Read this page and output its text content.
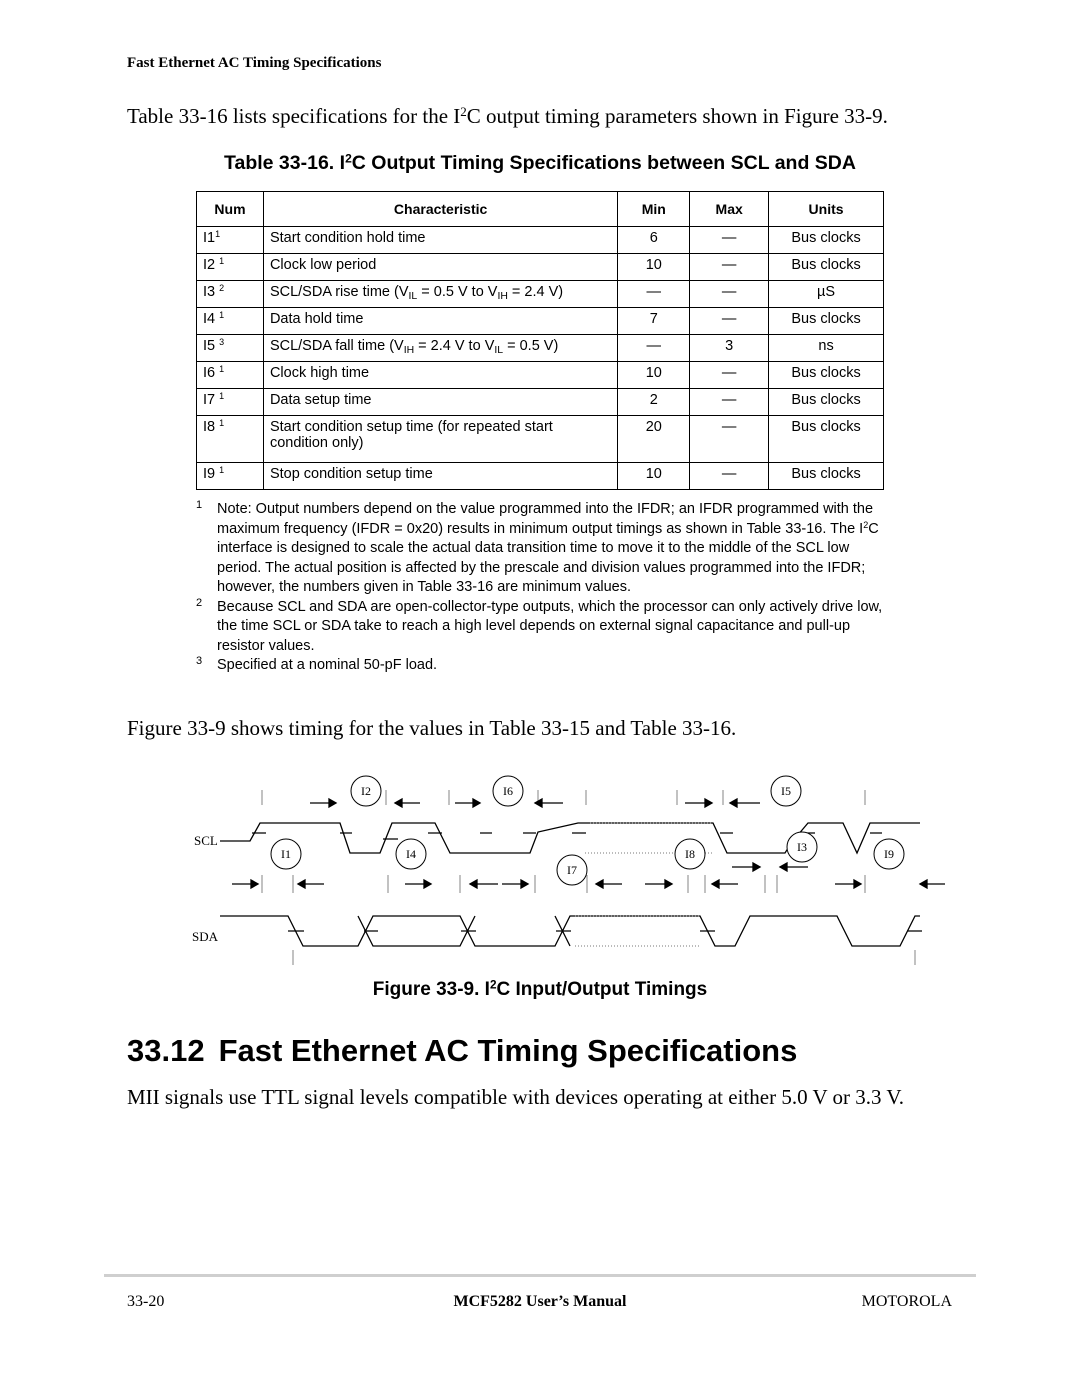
Fast Ethernet AC Timing Specifications
Table 33-16 lists specifications for the $I^2C$ output timing parameters shown in Figure 33-9.
Table 33-16. $I^2C$ Output Timing Specifications between SCL and SDA
Num	Characteristic	Min	Max	Units
$I1^1$	Start condition hold time	6	—	Bus clocks
I2 $^1$	Clock low period	10	—	Bus clocks
I3 $^2$	SCL/SDA rise time ($V_{IL} = 0.5$ V to $V_{IH} = 2.4$ V)	—	—	µS
I4 $^1$	Data hold time	7	—	Bus clocks
I5 $^3$	SCL/SDA fall time ($V_{IH} = 2.4$ V to $V_{IL} = 0.5$ V)	—	3	ns
I6 $^1$	Clock high time	10	—	Bus clocks
I7 $^1$	Data setup time	2	—	Bus clocks
I8 $^1$	Start condition setup time (for repeated start condition only)	20	—	Bus clocks
I9 $^1$	Stop condition setup time	10	—	Bus clocks
1 Note: Output numbers depend on the value programmed into the IFDR; an IFDR programmed with the maximum frequency (IFDR = 0x20) results in minimum output timings as shown in Table 33-16. The $I^2C$ interface is designed to scale the actual data transition time to move it to the middle of the SCL low period. The actual position is affected by the prescale and division values programmed into the IFDR; however, the numbers given in Table 33-16 are minimum values.
2 Because SCL and SDA are open-collector-type outputs, which the processor can only actively drive low, the time SCL or SDA take to reach a high level depends on external signal capacitance and pull-up resistor values.
3 Specified at a nominal 50-pF load.
Figure 33-9 shows timing for the values in Table 33-15 and Table 33-16.
I2	I6	I5
I1	I4
I7
I8	I3	I9
SCL
SDA
Figure 33-9. $I^2C$ Input/Output Timings
33.12 Fast Ethernet AC Timing Specifications
MII signals use TTL signal levels compatible with devices operating at either 5.0 V or 3.3 V.
33-20	MCF5282 User’s Manual	MOTOROLA
